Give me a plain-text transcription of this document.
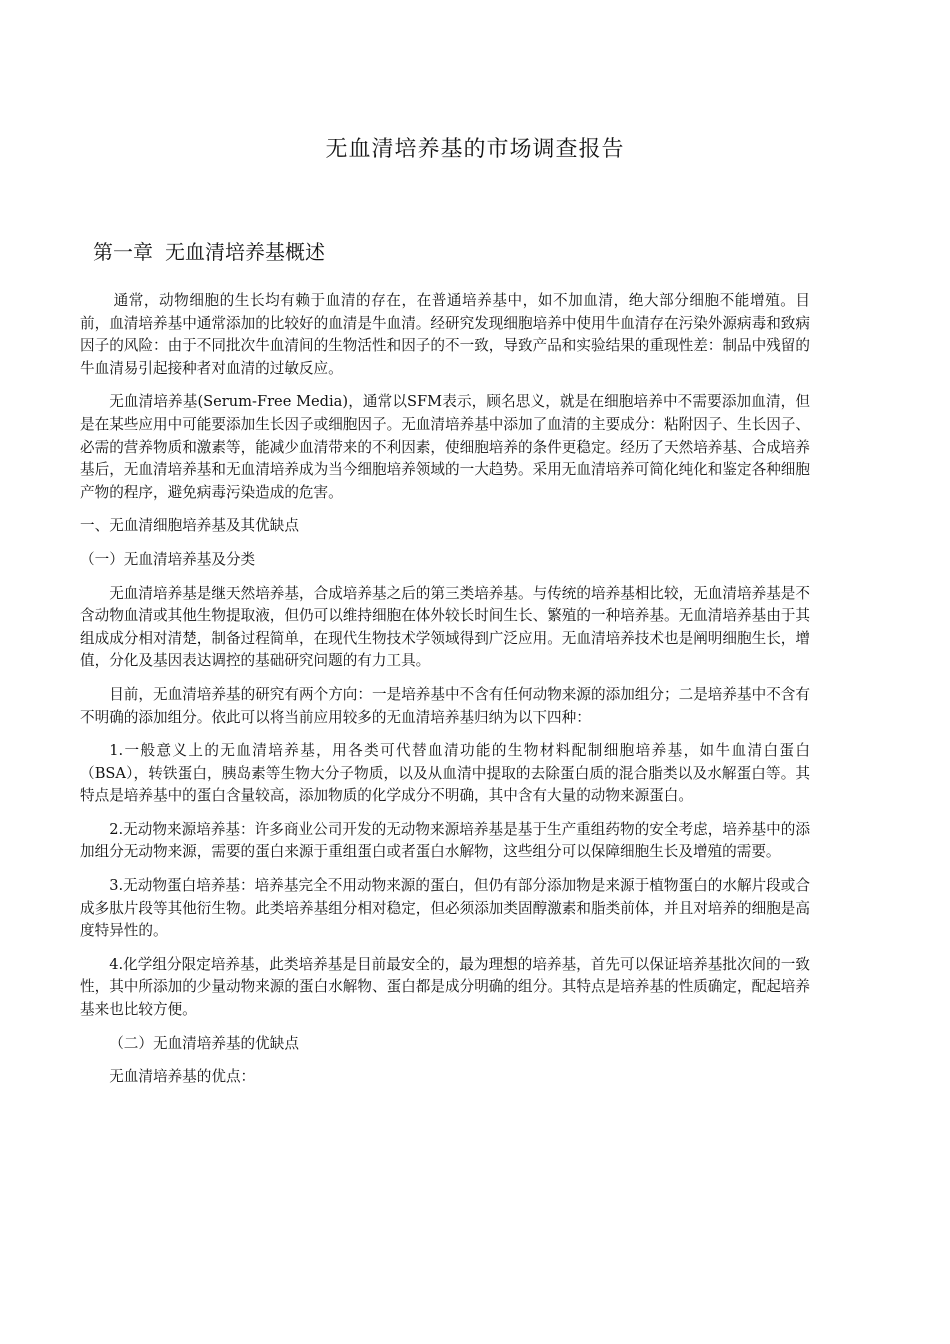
无血清培养基的市场调查报告
第一章 无血清培养基概述

通常，动物细胞的生长均有赖于血清的存在，在普通培养基中，如不加血清，绝大部分细胞不能增殖。目前，血清培养基中通常添加的比较好的血清是牛血清。经研究发现细胞培养中使用牛血清存在污染外源病毒和致病因子的风险：由于不同批次牛血清间的生物活性和因子的不一致，导致产品和实验结果的重现性差：制品中残留的牛血清易引起接种者对血清的过敏反应。

无血清培养基(Serum-Free Media)，通常以SFM表示，顾名思义，就是在细胞培养中不需要添加血清，但是在某些应用中可能要添加生长因子或细胞因子。无血清培养基中添加了血清的主要成分：粘附因子、生长因子、必需的营养物质和激素等，能减少血清带来的不利因素，使细胞培养的条件更稳定。经历了天然培养基、合成培养基后，无血清培养基和无血清培养成为当今细胞培养领域的一大趋势。采用无血清培养可简化纯化和鉴定各种细胞产物的程序，避免病毒污染造成的危害。

一、无血清细胞培养基及其优缺点
（一）无血清培养基及分类

无血清培养基是继天然培养基，合成培养基之后的第三类培养基。与传统的培养基相比较，无血清培养基是不含动物血清或其他生物提取液，但仍可以维持细胞在体外较长时间生长、繁殖的一种培养基。无血清培养基由于其组成成分相对清楚，制备过程简单，在现代生物技术学领域得到广泛应用。无血清培养技术也是阐明细胞生长，增值，分化及基因表达调控的基础研究问题的有力工具。

目前，无血清培养基的研究有两个方向：一是培养基中不含有任何动物来源的添加组分；二是培养基中不含有不明确的添加组分。依此可以将当前应用较多的无血清培养基归纳为以下四种：

1.一般意义上的无血清培养基，用各类可代替血清功能的生物材料配制细胞培养基，如牛血清白蛋白（BSA），转铁蛋白，胰岛素等生物大分子物质，以及从血清中提取的去除蛋白质的混合脂类以及水解蛋白等。其特点是培养基中的蛋白含量较高，添加物质的化学成分不明确，其中含有大量的动物来源蛋白。

2.无动物来源培养基：许多商业公司开发的无动物来源培养基是基于生产重组药物的安全考虑，培养基中的添加组分无动物来源，需要的蛋白来源于重组蛋白或者蛋白水解物，这些组分可以保障细胞生长及增殖的需要。

3.无动物蛋白培养基：培养基完全不用动物来源的蛋白，但仍有部分添加物是来源于植物蛋白的水解片段或合成多肽片段等其他衍生物。此类培养基组分相对稳定，但必须添加类固醇激素和脂类前体，并且对培养的细胞是高度特异性的。

4.化学组分限定培养基，此类培养基是目前最安全的，最为理想的培养基，首先可以保证培养基批次间的一致性，其中所添加的少量动物来源的蛋白水解物、蛋白都是成分明确的组分。其特点是培养基的性质确定，配起培养基来也比较方便。

（二）无血清培养基的优缺点

无血清培养基的优点：
